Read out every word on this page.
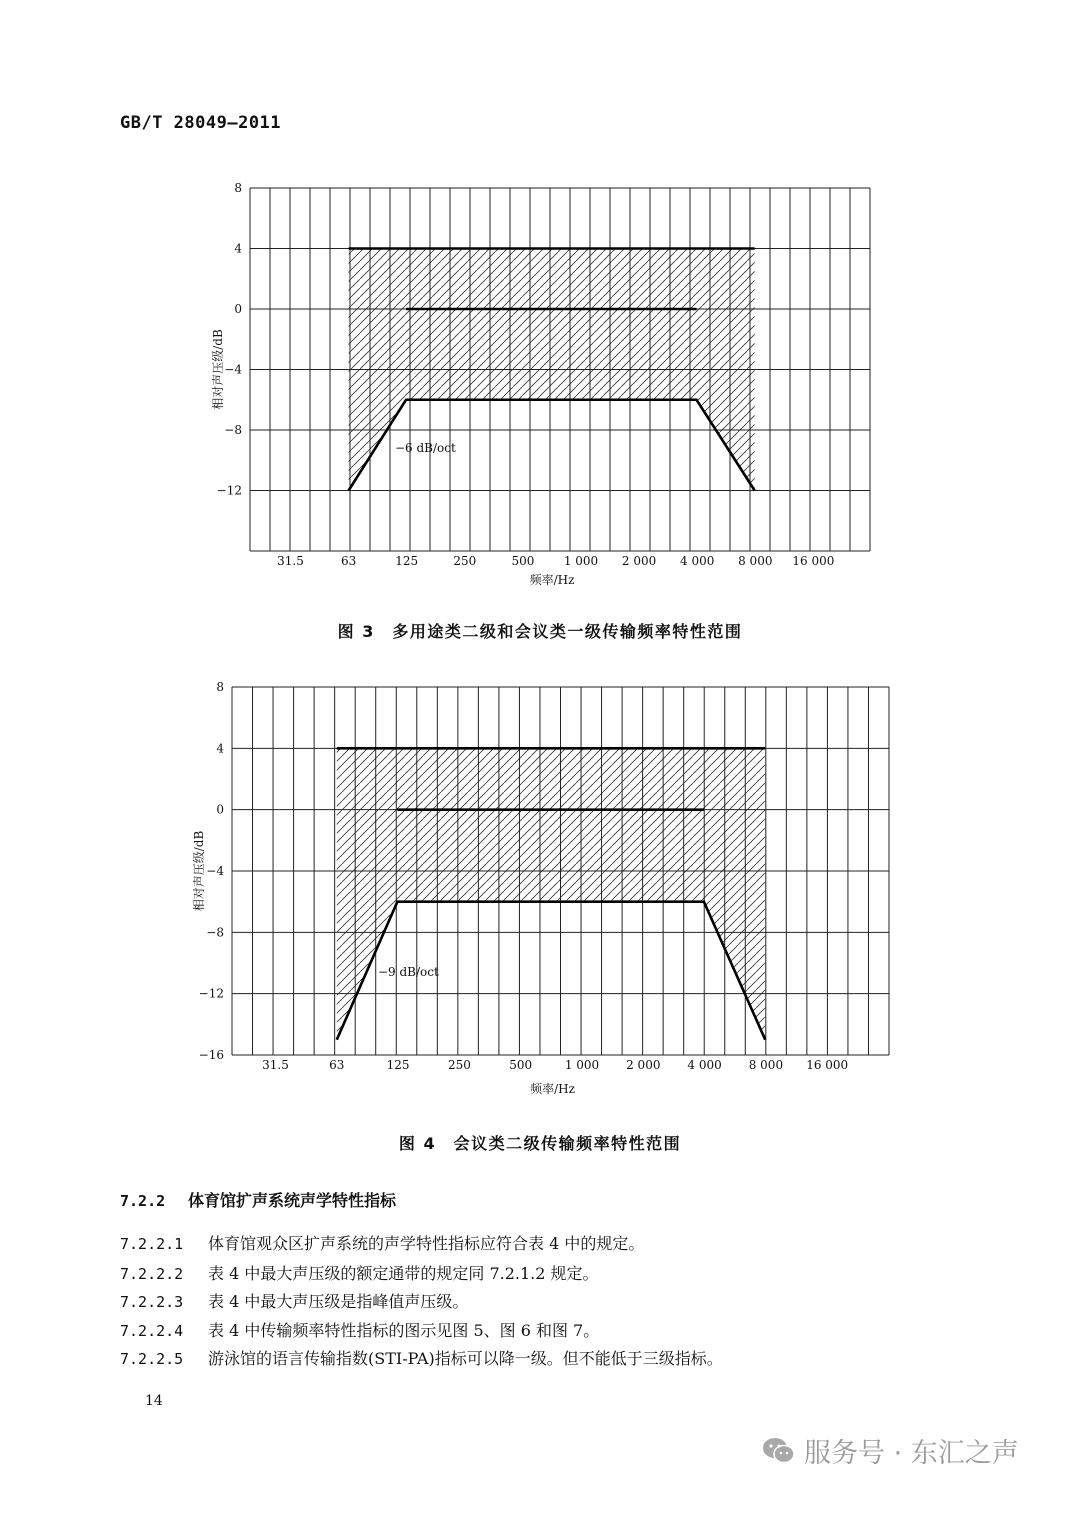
GB/T 28049—2011
8
4
0
−4
−8
−12
31.5	63	125	250	500 1 000 2 000 4 000 8 000 16 000
频率/Hz
相对声压级/dB
−6 dB/oct
图 3　多用途类二级和会议类一级传输频率特性范围
8
4
0
−4
−8
−12
−16
31.5	63	125	250	500	1 000 2 000 4 000 8 000 16 000
频率/Hz
相对声压级/dB
−9 dB/oct
图 4　会议类二级传输频率特性范围
7.2.2 体育馆扩声系统声学特性指标
7.2.2.1 体育馆观众区扩声系统的声学特性指标应符合表 4 中的规定。
7.2.2.2 表 4 中最大声压级的额定通带的规定同 7.2.1.2 规定。
7.2.2.3 表 4 中最大声压级是指峰值声压级。
7.2.2.4 表 4 中传输频率特性指标的图示见图 5、图 6 和图 7。
7.2.2.5 游泳馆的语言传输指数(STI-PA)指标可以降一级。但不能低于三级指标。
14
服务号 · 东汇之声
